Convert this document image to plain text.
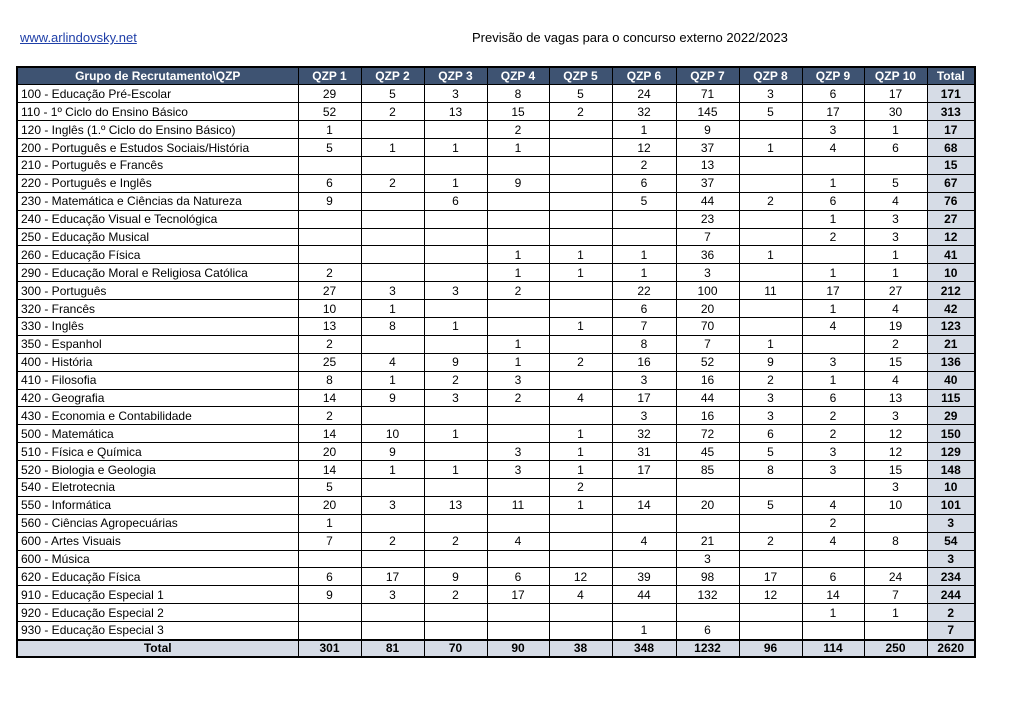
www.arlindovsky.net	Previsão de vagas para o concurso externo 2022/2023
Grupo de Recrutamento\QZP	QZP 1	QZP 2	QZP 3	QZP 4	QZP 5	QZP 6	QZP 7	QZP 8	QZP 9	QZP 10	Total
100 - Educação Pré-Escolar	29	5	3	8	5	24	71	3	6	17	171
110 - 1º Ciclo do Ensino Básico	52	2	13	15	2	32	145	5	17	30	313
120 - Inglês (1.º Ciclo do Ensino Básico)	1			2		1	9		3	1	17
200 - Português e Estudos Sociais/História	5	1	1	1		12	37	1	4	6	68
210 - Português e Francês						2	13				15
220 - Português e Inglês	6	2	1	9		6	37		1	5	67
230 - Matemática e Ciências da Natureza	9		6			5	44	2	6	4	76
240 - Educação Visual e Tecnológica							23		1	3	27
250 - Educação Musical							7		2	3	12
260 - Educação Física				1	1	1	36	1		1	41
290 - Educação Moral e Religiosa Católica	2			1	1	1	3		1	1	10
300 - Português	27	3	3	2		22	100	11	17	27	212
320 - Francês	10	1				6	20		1	4	42
330 - Inglês	13	8	1		1	7	70		4	19	123
350 - Espanhol	2			1		8	7	1		2	21
400 - História	25	4	9	1	2	16	52	9	3	15	136
410 - Filosofia	8	1	2	3		3	16	2	1	4	40
420 - Geografia	14	9	3	2	4	17	44	3	6	13	115
430 - Economia e Contabilidade	2					3	16	3	2	3	29
500 - Matemática	14	10	1		1	32	72	6	2	12	150
510 - Física e Química	20	9		3	1	31	45	5	3	12	129
520 - Biologia e Geologia	14	1	1	3	1	17	85	8	3	15	148
540 - Eletrotecnia	5				2					3	10
550 - Informática	20	3	13	11	1	14	20	5	4	10	101
560 - Ciências Agropecuárias	1								2		3
600 - Artes Visuais	7	2	2	4		4	21	2	4	8	54
600 - Música							3				3
620 - Educação Física	6	17	9	6	12	39	98	17	6	24	234
910 - Educação Especial 1	9	3	2	17	4	44	132	12	14	7	244
920 - Educação Especial 2									1	1	2
930 - Educação Especial 3						1	6				7
Total	301	81	70	90	38	348	1232	96	114	250	2620
